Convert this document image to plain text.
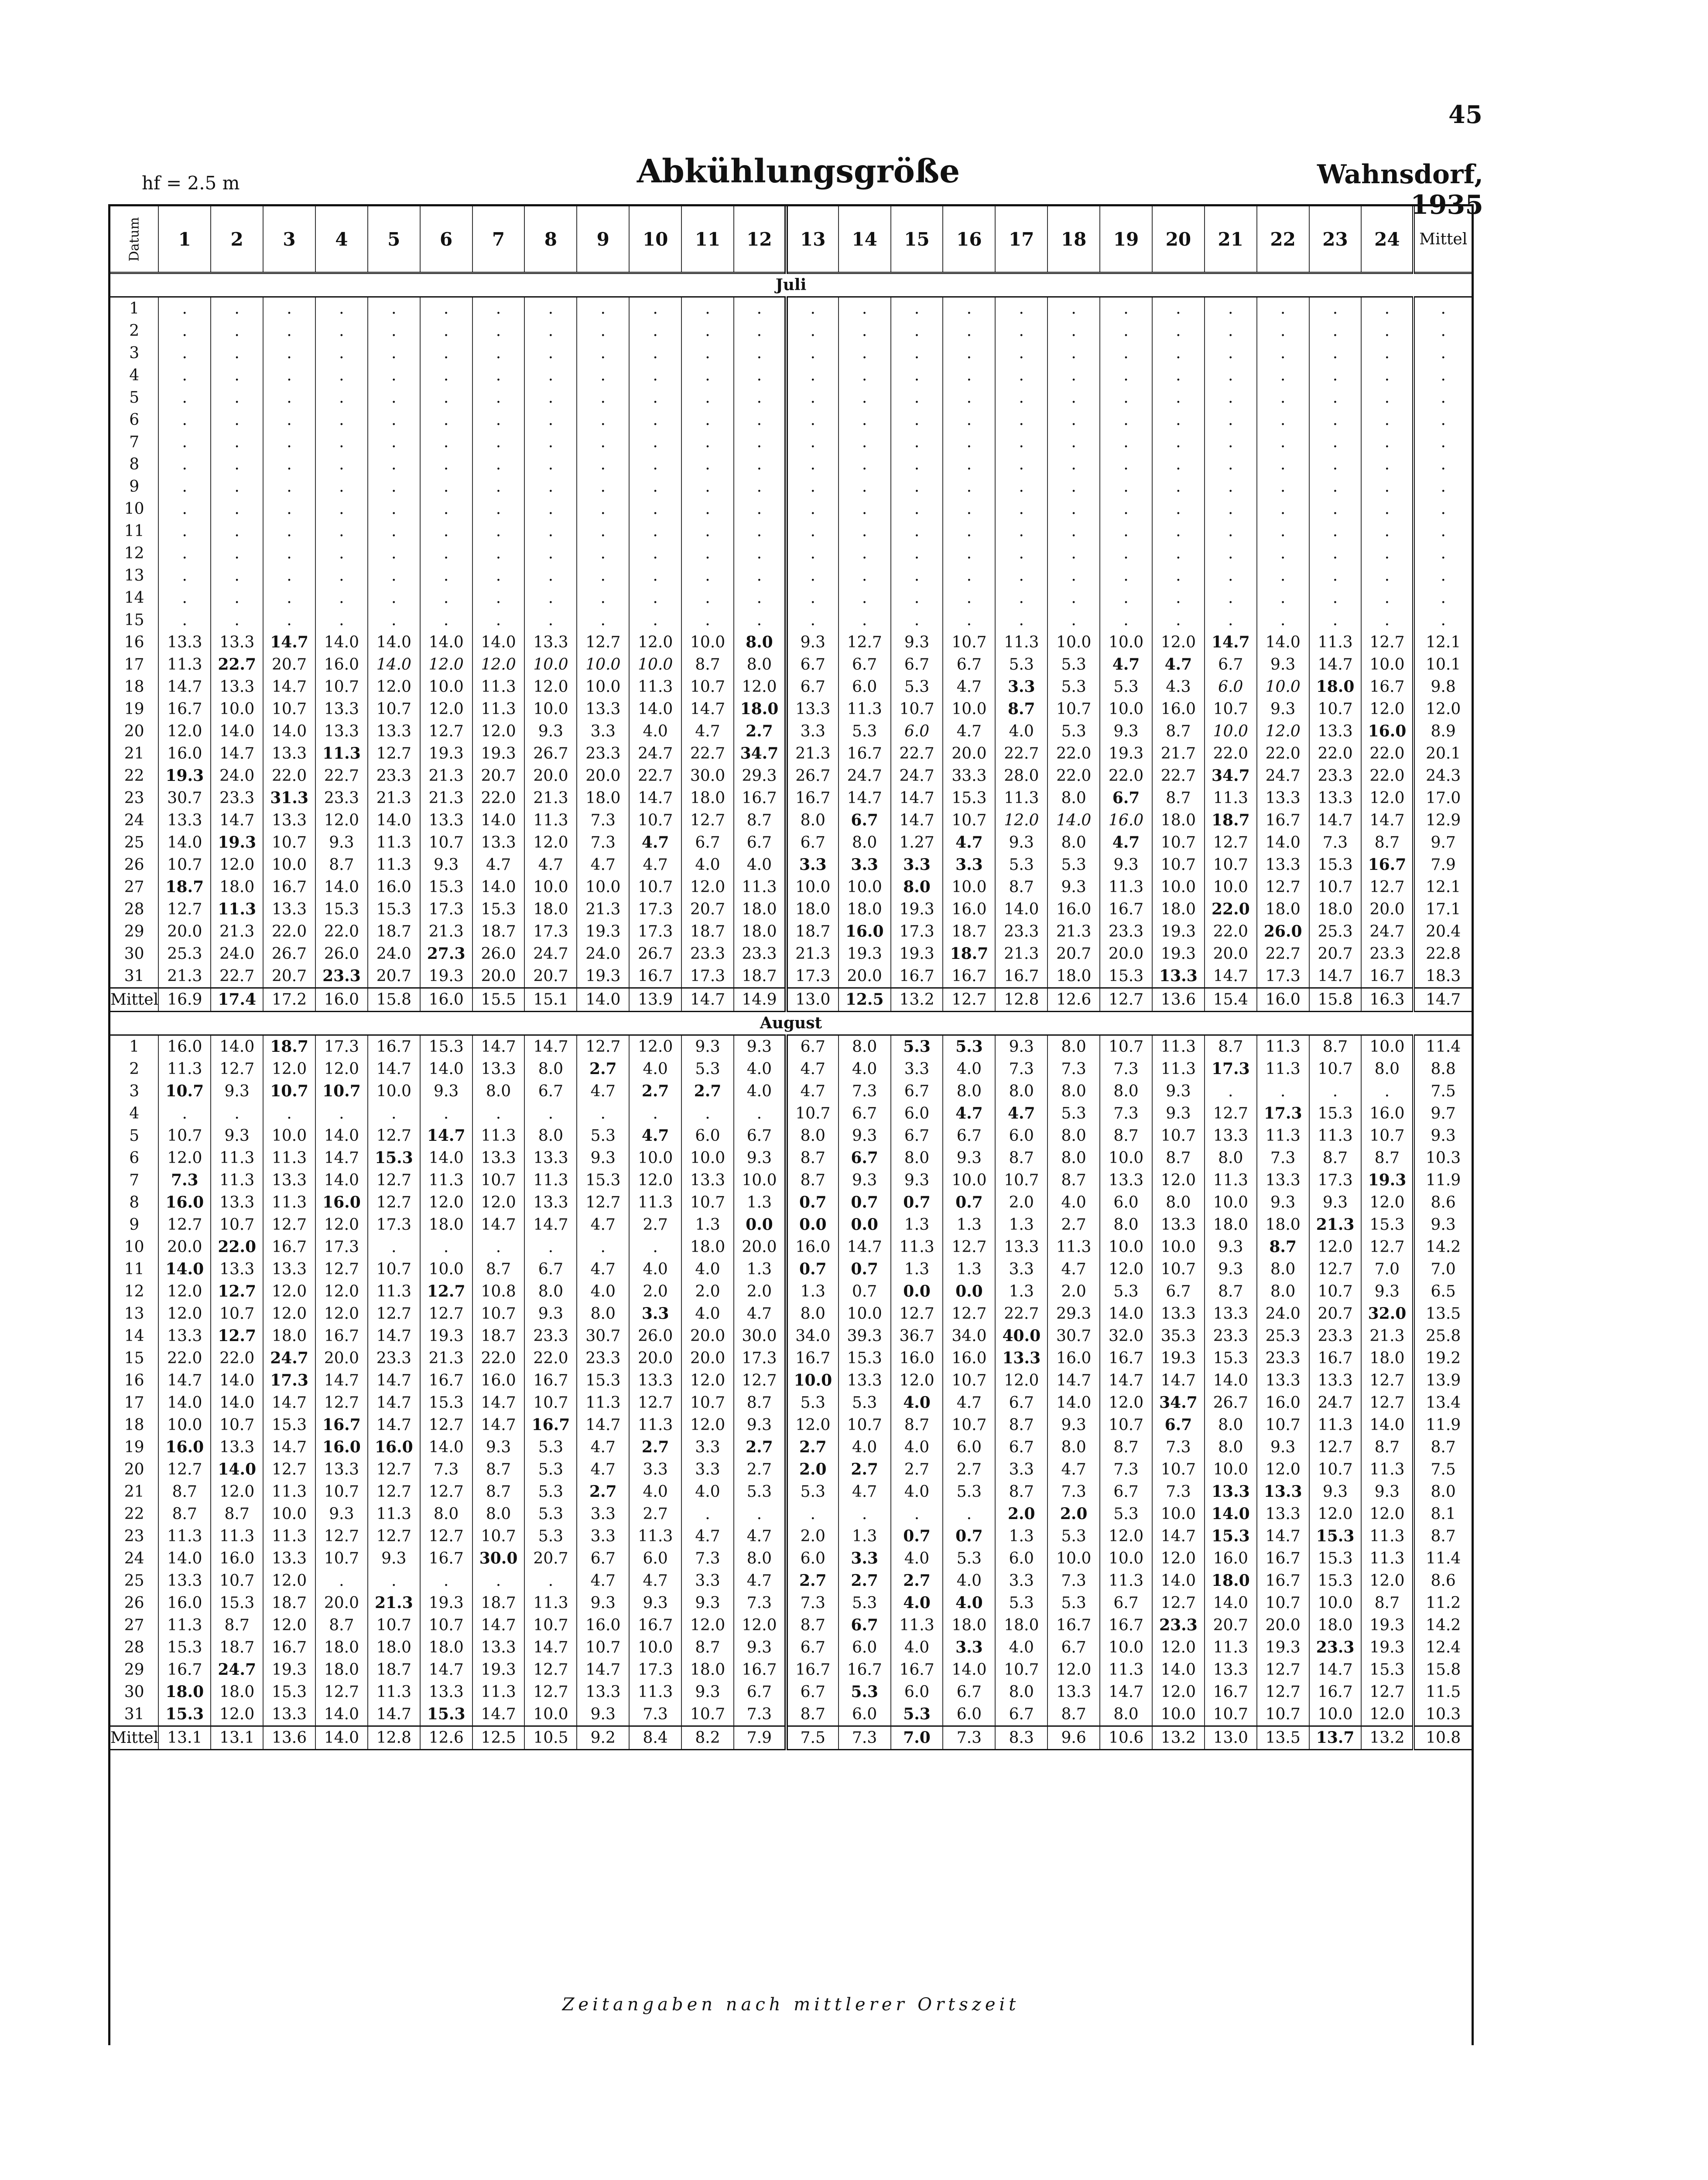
45
hf = 2.5 m	Abkühlungsgröße	Wahnsdorf, 1935
Datum	1	2	3	4	5	6	7	8	9	10	11	12	13	14	15	16	17	18	19	20	21	22	23	24	Mittel
Juli																									
1	.	.	.	.	.	.	.	.	.	.	.	.	.	.	.	.	.	.	.	.	.	.	.	.	.
2	.	.	.	.	.	.	.	.	.	.	.	.	.	.	.	.	.	.	.	.	.	.	.	.	.
3	.	.	.	.	.	.	.	.	.	.	.	.	.	.	.	.	.	.	.	.	.	.	.	.	.
4	.	.	.	.	.	.	.	.	.	.	.	.	.	.	.	.	.	.	.	.	.	.	.	.	.
5	.	.	.	.	.	.	.	.	.	.	.	.	.	.	.	.	.	.	.	.	.	.	.	.	.
6	.	.	.	.	.	.	.	.	.	.	.	.	.	.	.	.	.	.	.	.	.	.	.	.	.
7	.	.	.	.	.	.	.	.	.	.	.	.	.	.	.	.	.	.	.	.	.	.	.	.	.
8	.	.	.	.	.	.	.	.	.	.	.	.	.	.	.	.	.	.	.	.	.	.	.	.	.
9	.	.	.	.	.	.	.	.	.	.	.	.	.	.	.	.	.	.	.	.	.	.	.	.	.
10	.	.	.	.	.	.	.	.	.	.	.	.	.	.	.	.	.	.	.	.	.	.	.	.	.
11	.	.	.	.	.	.	.	.	.	.	.	.	.	.	.	.	.	.	.	.	.	.	.	.	.
12	.	.	.	.	.	.	.	.	.	.	.	.	.	.	.	.	.	.	.	.	.	.	.	.	.
13	.	.	.	.	.	.	.	.	.	.	.	.	.	.	.	.	.	.	.	.	.	.	.	.	.
14	.	.	.	.	.	.	.	.	.	.	.	.	.	.	.	.	.	.	.	.	.	.	.	.	.
15	.	.	.	.	.	.	.	.	.	.	.	.	.	.	.	.	.	.	.	.	.	.	.	.	.
16	13.3	13.3	14.7	14.0	14.0	14.0	14.0	13.3	12.7	12.0	10.0	8.0	9.3	12.7	9.3	10.7	11.3	10.0	10.0	12.0	14.7	14.0	11.3	12.7	12.1
17	11.3	22.7	20.7	16.0	14.0	12.0	12.0	10.0	10.0	10.0	8.7	8.0	6.7	6.7	6.7	6.7	5.3	5.3	4.7	4.7	6.7	9.3	14.7	10.0	10.1
18	14.7	13.3	14.7	10.7	12.0	10.0	11.3	12.0	10.0	11.3	10.7	12.0	6.7	6.0	5.3	4.7	3.3	5.3	5.3	4.3	6.0	10.0	18.0	16.7	9.8
19	16.7	10.0	10.7	13.3	10.7	12.0	11.3	10.0	13.3	14.0	14.7	18.0	13.3	11.3	10.7	10.0	8.7	10.7	10.0	16.0	10.7	9.3	10.7	12.0	12.0
20	12.0	14.0	14.0	13.3	13.3	12.7	12.0	9.3	3.3	4.0	4.7	2.7	3.3	5.3	6.0	4.7	4.0	5.3	9.3	8.7	10.0	12.0	13.3	16.0	8.9
21	16.0	14.7	13.3	11.3	12.7	19.3	19.3	26.7	23.3	24.7	22.7	34.7	21.3	16.7	22.7	20.0	22.7	22.0	19.3	21.7	22.0	22.0	22.0	22.0	20.1
22	19.3	24.0	22.0	22.7	23.3	21.3	20.7	20.0	20.0	22.7	30.0	29.3	26.7	24.7	24.7	33.3	28.0	22.0	22.0	22.7	34.7	24.7	23.3	22.0	24.3
23	30.7	23.3	31.3	23.3	21.3	21.3	22.0	21.3	18.0	14.7	18.0	16.7	16.7	14.7	14.7	15.3	11.3	8.0	6.7	8.7	11.3	13.3	13.3	12.0	17.0
24	13.3	14.7	13.3	12.0	14.0	13.3	14.0	11.3	7.3	10.7	12.7	8.7	8.0	6.7	14.7	10.7	12.0	14.0	16.0	18.0	18.7	16.7	14.7	14.7	12.9
25	14.0	19.3	10.7	9.3	11.3	10.7	13.3	12.0	7.3	4.7	6.7	6.7	6.7	8.0	1.27	4.7	9.3	8.0	4.7	10.7	12.7	14.0	7.3	8.7	9.7
26	10.7	12.0	10.0	8.7	11.3	9.3	4.7	4.7	4.7	4.7	4.0	4.0	3.3	3.3	3.3	3.3	5.3	5.3	9.3	10.7	10.7	13.3	15.3	16.7	7.9
27	18.7	18.0	16.7	14.0	16.0	15.3	14.0	10.0	10.0	10.7	12.0	11.3	10.0	10.0	8.0	10.0	8.7	9.3	11.3	10.0	10.0	12.7	10.7	12.7	12.1
28	12.7	11.3	13.3	15.3	15.3	17.3	15.3	18.0	21.3	17.3	20.7	18.0	18.0	18.0	19.3	16.0	14.0	16.0	16.7	18.0	22.0	18.0	18.0	20.0	17.1
29	20.0	21.3	22.0	22.0	18.7	21.3	18.7	17.3	19.3	17.3	18.7	18.0	18.7	16.0	17.3	18.7	23.3	21.3	23.3	19.3	22.0	26.0	25.3	24.7	20.4
30	25.3	24.0	26.7	26.0	24.0	27.3	26.0	24.7	24.0	26.7	23.3	23.3	21.3	19.3	19.3	18.7	21.3	20.7	20.0	19.3	20.0	22.7	20.7	23.3	22.8
31	21.3	22.7	20.7	23.3	20.7	19.3	20.0	20.7	19.3	16.7	17.3	18.7	17.3	20.0	16.7	16.7	16.7	18.0	15.3	13.3	14.7	17.3	14.7	16.7	18.3
Mittel	16.9	17.4	17.2	16.0	15.8	16.0	15.5	15.1	14.0	13.9	14.7	14.9	13.0	12.5	13.2	12.7	12.8	12.6	12.7	13.6	15.4	16.0	15.8	16.3	14.7
August																									
1	16.0	14.0	18.7	17.3	16.7	15.3	14.7	14.7	12.7	12.0	9.3	9.3	6.7	8.0	5.3	5.3	9.3	8.0	10.7	11.3	8.7	11.3	8.7	10.0	11.4
2	11.3	12.7	12.0	12.0	14.7	14.0	13.3	8.0	2.7	4.0	5.3	4.0	4.7	4.0	3.3	4.0	7.3	7.3	7.3	11.3	17.3	11.3	10.7	8.0	8.8
3	10.7	9.3	10.7	10.7	10.0	9.3	8.0	6.7	4.7	2.7	2.7	4.0	4.7	7.3	6.7	8.0	8.0	8.0	8.0	9.3	.	.	.	.	7.5
4	.	.	.	.	.	.	.	.	.	.	.	.	10.7	6.7	6.0	4.7	4.7	5.3	7.3	9.3	12.7	17.3	15.3	16.0	9.7
5	10.7	9.3	10.0	14.0	12.7	14.7	11.3	8.0	5.3	4.7	6.0	6.7	8.0	9.3	6.7	6.7	6.0	8.0	8.7	10.7	13.3	11.3	11.3	10.7	9.3
6	12.0	11.3	11.3	14.7	15.3	14.0	13.3	13.3	9.3	10.0	10.0	9.3	8.7	6.7	8.0	9.3	8.7	8.0	10.0	8.7	8.0	7.3	8.7	8.7	10.3
7	7.3	11.3	13.3	14.0	12.7	11.3	10.7	11.3	15.3	12.0	13.3	10.0	8.7	9.3	9.3	10.0	10.7	8.7	13.3	12.0	11.3	13.3	17.3	19.3	11.9
8	16.0	13.3	11.3	16.0	12.7	12.0	12.0	13.3	12.7	11.3	10.7	1.3	0.7	0.7	0.7	0.7	2.0	4.0	6.0	8.0	10.0	9.3	9.3	12.0	8.6
9	12.7	10.7	12.7	12.0	17.3	18.0	14.7	14.7	4.7	2.7	1.3	0.0	0.0	0.0	1.3	1.3	1.3	2.7	8.0	13.3	18.0	18.0	21.3	15.3	9.3
10	20.0	22.0	16.7	17.3	.	.	.	.	.	.	18.0	20.0	16.0	14.7	11.3	12.7	13.3	11.3	10.0	10.0	9.3	8.7	12.0	12.7	14.2
11	14.0	13.3	13.3	12.7	10.7	10.0	8.7	6.7	4.7	4.0	4.0	1.3	0.7	0.7	1.3	1.3	3.3	4.7	12.0	10.7	9.3	8.0	12.7	7.0	7.0
12	12.0	12.7	12.0	12.0	11.3	12.7	10.8	8.0	4.0	2.0	2.0	2.0	1.3	0.7	0.0	0.0	1.3	2.0	5.3	6.7	8.7	8.0	10.7	9.3	6.5
13	12.0	10.7	12.0	12.0	12.7	12.7	10.7	9.3	8.0	3.3	4.0	4.7	8.0	10.0	12.7	12.7	22.7	29.3	14.0	13.3	13.3	24.0	20.7	32.0	13.5
14	13.3	12.7	18.0	16.7	14.7	19.3	18.7	23.3	30.7	26.0	20.0	30.0	34.0	39.3	36.7	34.0	40.0	30.7	32.0	35.3	23.3	25.3	23.3	21.3	25.8
15	22.0	22.0	24.7	20.0	23.3	21.3	22.0	22.0	23.3	20.0	20.0	17.3	16.7	15.3	16.0	16.0	13.3	16.0	16.7	19.3	15.3	23.3	16.7	18.0	19.2
16	14.7	14.0	17.3	14.7	14.7	16.7	16.0	16.7	15.3	13.3	12.0	12.7	10.0	13.3	12.0	10.7	12.0	14.7	14.7	14.7	14.0	13.3	13.3	12.7	13.9
17	14.0	14.0	14.7	12.7	14.7	15.3	14.7	10.7	11.3	12.7	10.7	8.7	5.3	5.3	4.0	4.7	6.7	14.0	12.0	34.7	26.7	16.0	24.7	12.7	13.4
18	10.0	10.7	15.3	16.7	14.7	12.7	14.7	16.7	14.7	11.3	12.0	9.3	12.0	10.7	8.7	10.7	8.7	9.3	10.7	6.7	8.0	10.7	11.3	14.0	11.9
19	16.0	13.3	14.7	16.0	16.0	14.0	9.3	5.3	4.7	2.7	3.3	2.7	2.7	4.0	4.0	6.0	6.7	8.0	8.7	7.3	8.0	9.3	12.7	8.7	8.7
20	12.7	14.0	12.7	13.3	12.7	7.3	8.7	5.3	4.7	3.3	3.3	2.7	2.0	2.7	2.7	2.7	3.3	4.7	7.3	10.7	10.0	12.0	10.7	11.3	7.5
21	8.7	12.0	11.3	10.7	12.7	12.7	8.7	5.3	2.7	4.0	4.0	5.3	5.3	4.7	4.0	5.3	8.7	7.3	6.7	7.3	13.3	13.3	9.3	9.3	8.0
22	8.7	8.7	10.0	9.3	11.3	8.0	8.0	5.3	3.3	2.7	.	.	.	.	.	.	2.0	2.0	5.3	10.0	14.0	13.3	12.0	12.0	8.1
23	11.3	11.3	11.3	12.7	12.7	12.7	10.7	5.3	3.3	11.3	4.7	4.7	2.0	1.3	0.7	0.7	1.3	5.3	12.0	14.7	15.3	14.7	15.3	11.3	8.7
24	14.0	16.0	13.3	10.7	9.3	16.7	30.0	20.7	6.7	6.0	7.3	8.0	6.0	3.3	4.0	5.3	6.0	10.0	10.0	12.0	16.0	16.7	15.3	11.3	11.4
25	13.3	10.7	12.0	.	.	.	.	.	4.7	4.7	3.3	4.7	2.7	2.7	2.7	4.0	3.3	7.3	11.3	14.0	18.0	16.7	15.3	12.0	8.6
26	16.0	15.3	18.7	20.0	21.3	19.3	18.7	11.3	9.3	9.3	9.3	7.3	7.3	5.3	4.0	4.0	5.3	5.3	6.7	12.7	14.0	10.7	10.0	8.7	11.2
27	11.3	8.7	12.0	8.7	10.7	10.7	14.7	10.7	16.0	16.7	12.0	12.0	8.7	6.7	11.3	18.0	18.0	16.7	16.7	23.3	20.7	20.0	18.0	19.3	14.2
28	15.3	18.7	16.7	18.0	18.0	18.0	13.3	14.7	10.7	10.0	8.7	9.3	6.7	6.0	4.0	3.3	4.0	6.7	10.0	12.0	11.3	19.3	23.3	19.3	12.4
29	16.7	24.7	19.3	18.0	18.7	14.7	19.3	12.7	14.7	17.3	18.0	16.7	16.7	16.7	16.7	14.0	10.7	12.0	11.3	14.0	13.3	12.7	14.7	15.3	15.8
30	18.0	18.0	15.3	12.7	11.3	13.3	11.3	12.7	13.3	11.3	9.3	6.7	6.7	5.3	6.0	6.7	8.0	13.3	14.7	12.0	16.7	12.7	16.7	12.7	11.5
31	15.3	12.0	13.3	14.0	14.7	15.3	14.7	10.0	9.3	7.3	10.7	7.3	8.7	6.0	5.3	6.0	6.7	8.7	8.0	10.0	10.7	10.7	10.0	12.0	10.3
Mittel	13.1	13.1	13.6	14.0	12.8	12.6	12.5	10.5	9.2	8.4	8.2	7.9	7.5	7.3	7.0	7.3	8.3	9.6	10.6	13.2	13.0	13.5	13.7	13.2	10.8
Zeitangaben nach mittlerer Ortszeit
